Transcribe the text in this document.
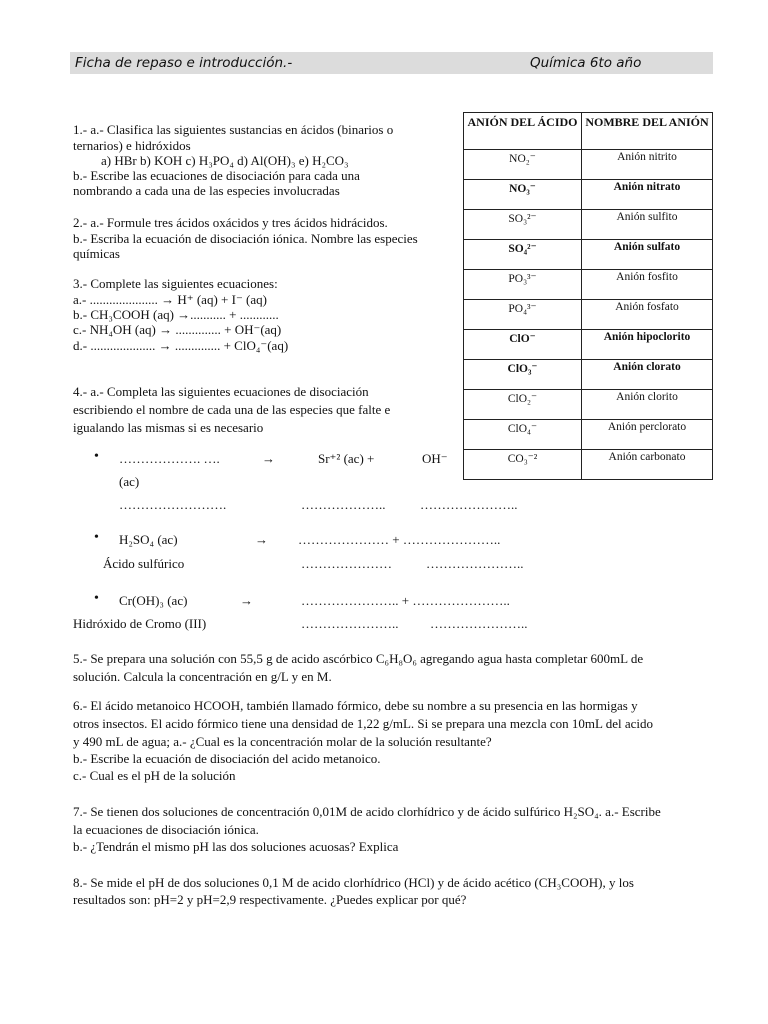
Ficha de repaso e introducción.-	Química 6to año
ANIÓN DEL ÁCIDO	NOMBRE DEL ANIÓN
NO₂⁻	Anión nitrito
NO₃⁻	Anión nitrato
SO₃²⁻	Anión sulfito
SO₄²⁻	Anión sulfato
PO₃³⁻	Anión fosfito
PO₄³⁻	Anión fosfato
ClO⁻	Anión hipoclorito
ClO₃⁻	Anión clorato
ClO₂⁻	Anión clorito
ClO₄⁻	Anión perclorato
CO₃⁻²	Anión carbonato
1.- a.- Clasifica las siguientes sustancias en ácidos (binarios o
ternarios) e hidróxidos
a) HBr b) KOH c) H₃PO₄ d) Al(OH)₃ e) H₂CO₃
b.- Escribe las ecuaciones de disociación para cada una
nombrando a cada una de las especies involucradas
2.- a.- Formule tres ácidos oxácidos y tres ácidos hidrácidos.
b.- Escriba la ecuación de disociación iónica. Nombre las especies
químicas
3.- Complete las siguientes ecuaciones:
a.- ..................... → H⁺ (aq) + I⁻ (aq)
b.- CH₃COOH (aq) →........... + ............
c.- NH₄OH (aq) → .............. + OH⁻(aq)
d.- .................... → .............. + ClO₄⁻(aq)
4.- a.- Completa las siguientes ecuaciones de disociación
escribiendo el nombre de cada una de las especies que falte e
igualando las mismas si es necesario
• ………………. ….	→	Sr⁺² (ac) +	OH⁻
(ac)
…………………….	………………..	…………………..
• H₂SO₄ (ac)	→ ………………… + …………………..
Ácido sulfúrico	…………………	…………………..
• Cr(OH)₃ (ac)	→	………………….. + …………………..
Hidróxido de Cromo (III)	………………….. …………………..
5.- Se prepara una solución con 55,5 g de acido ascórbico C₆H₈O₆ agregando agua hasta completar 600mL de
solución. Calcula la concentración en g/L y en M.
6.- El ácido metanoico HCOOH, también llamado fórmico, debe su nombre a su presencia en las hormigas y
otros insectos. El acido fórmico tiene una densidad de 1,22 g/mL. Si se prepara una mezcla con 10mL del acido
y 490 mL de agua; a.- ¿Cual es la concentración molar de la solución resultante?
b.- Escribe la ecuación de disociación del acido metanoico.
c.- Cual es el pH de la solución
7.- Se tienen dos soluciones de concentración 0,01M de acido clorhídrico y de ácido sulfúrico H₂SO₄. a.- Escribe
la ecuaciones de disociación iónica.
b.- ¿Tendrán el mismo pH las dos soluciones acuosas? Explica
8.- Se mide el pH de dos soluciones 0,1 M de acido clorhídrico (HCl) y de ácido acético (CH₃COOH), y los
resultados son: pH=2 y pH=2,9 respectivamente. ¿Puedes explicar por qué?
